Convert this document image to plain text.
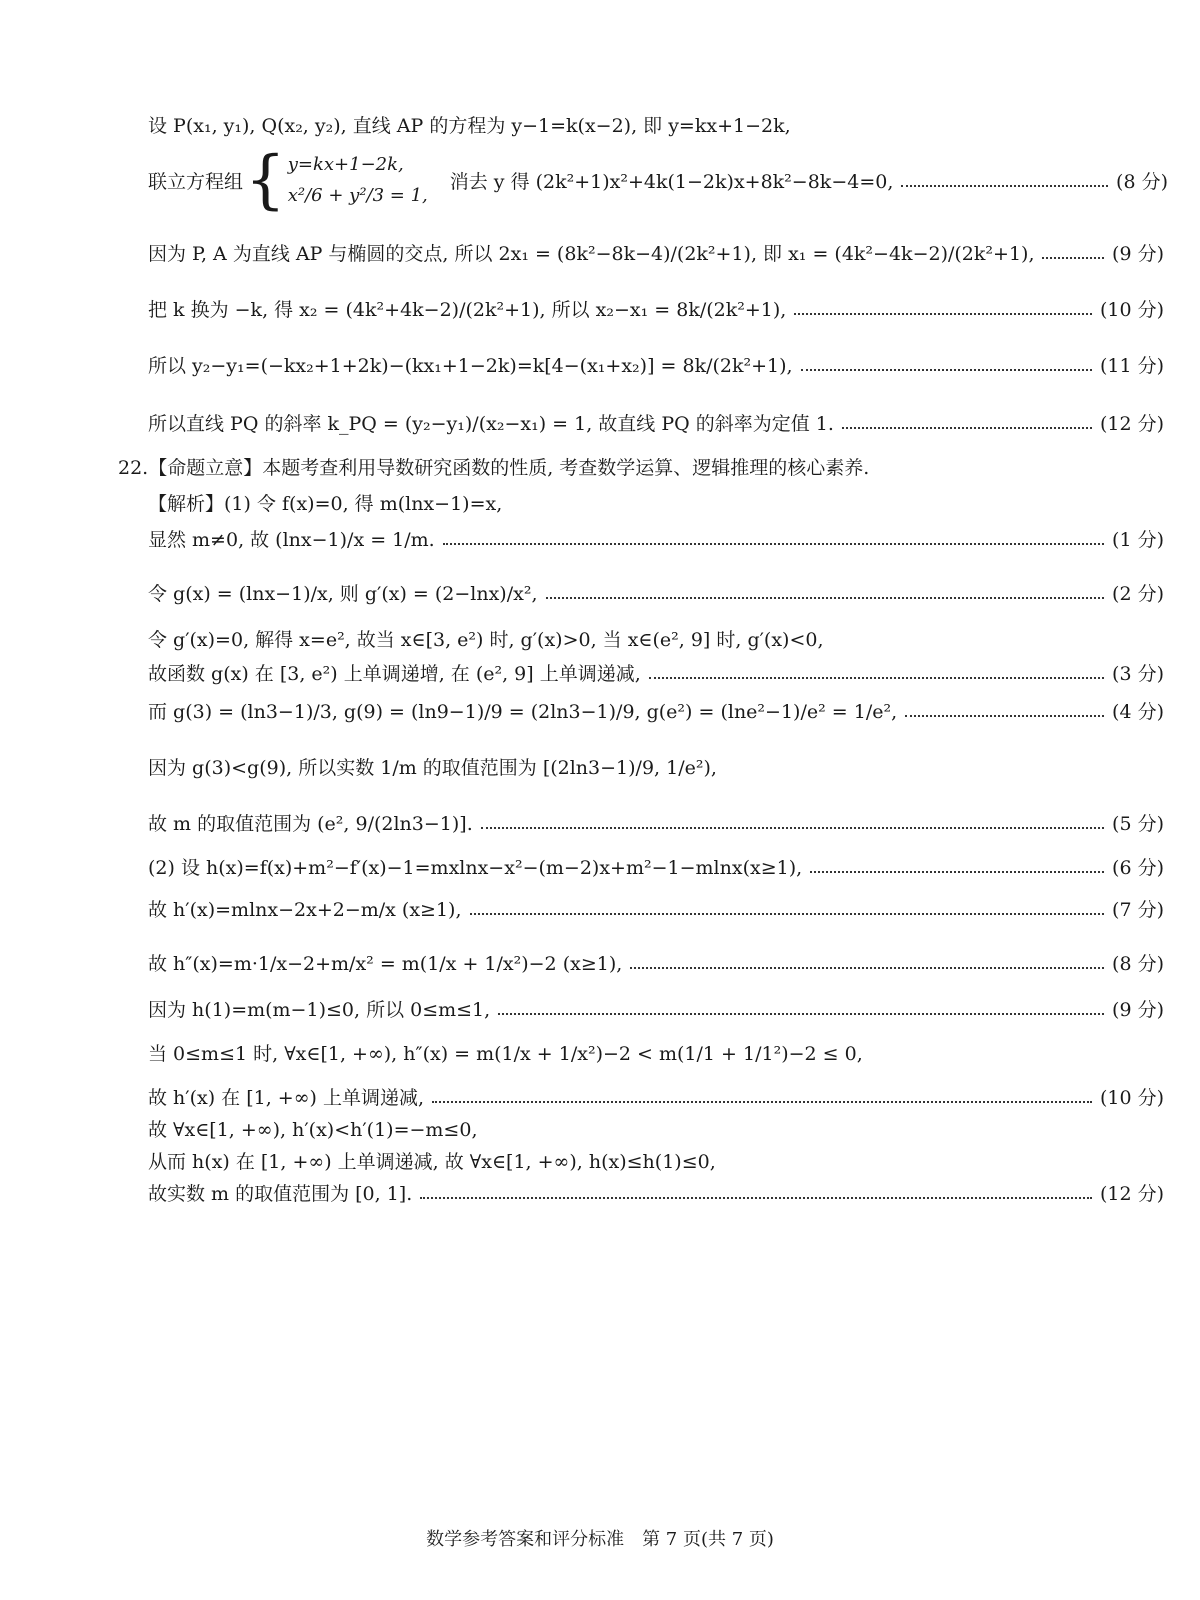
设 P(x₁, y₁), Q(x₂, y₂), 直线 AP 的方程为 y−1=k(x−2), 即 y=kx+1−2k,
联立方程组 { y=kx+1−2k,
x²/6 + y²/3 = 1,
消去 y 得 (2k²+1)x²+4k(1−2k)x+8k²−8k−4=0,	(8 分)
因为 P, A 为直线 AP 与椭圆的交点, 所以 2x₁ = (8k²−8k−4)/(2k²+1), 即 x₁ = (4k²−4k−2)/(2k²+1),	(9 分)
把 k 换为 −k, 得 x₂ = (4k²+4k−2)/(2k²+1), 所以 x₂−x₁ = 8k/(2k²+1),	(10 分)
所以 y₂−y₁=(−kx₂+1+2k)−(kx₁+1−2k)=k[4−(x₁+x₂)] = 8k/(2k²+1),	(11 分)
所以直线 PQ 的斜率 k_PQ = (y₂−y₁)/(x₂−x₁) = 1, 故直线 PQ 的斜率为定值 1.	(12 分)
22.【命题立意】本题考查利用导数研究函数的性质, 考查数学运算、逻辑推理的核心素养.
【解析】(1) 令 f(x)=0, 得 m(lnx−1)=x,
显然 m≠0, 故 (lnx−1)/x = 1/m.	(1 分)
令 g(x) = (lnx−1)/x, 则 g′(x) = (2−lnx)/x²,	(2 分)
令 g′(x)=0, 解得 x=e², 故当 x∈[3, e²) 时, g′(x)>0, 当 x∈(e², 9] 时, g′(x)<0,
故函数 g(x) 在 [3, e²) 上单调递增, 在 (e², 9] 上单调递减,	(3 分)
而 g(3) = (ln3−1)/3, g(9) = (ln9−1)/9 = (2ln3−1)/9, g(e²) = (lne²−1)/e² = 1/e²,	(4 分)
因为 g(3)<g(9), 所以实数 1/m 的取值范围为 [(2ln3−1)/9, 1/e²),
故 m 的取值范围为 (e², 9/(2ln3−1)].	(5 分)
(2) 设 h(x)=f(x)+m²−f′(x)−1=mxlnx−x²−(m−2)x+m²−1−mlnx(x≥1),	(6 分)
故 h′(x)=mlnx−2x+2−m/x (x≥1),	(7 分)
故 h″(x)=m·1/x−2+m/x² = m(1/x + 1/x²)−2 (x≥1),	(8 分)
因为 h(1)=m(m−1)≤0, 所以 0≤m≤1,	(9 分)
当 0≤m≤1 时, ∀x∈[1, +∞), h″(x) = m(1/x + 1/x²)−2 < m(1/1 + 1/1²)−2 ≤ 0,
故 h′(x) 在 [1, +∞) 上单调递减,	(10 分)
故 ∀x∈[1, +∞), h′(x)<h′(1)=−m≤0,
从而 h(x) 在 [1, +∞) 上单调递减, 故 ∀x∈[1, +∞), h(x)≤h(1)≤0,
故实数 m 的取值范围为 [0, 1].	(12 分)
数学参考答案和评分标准　第 7 页(共 7 页)
